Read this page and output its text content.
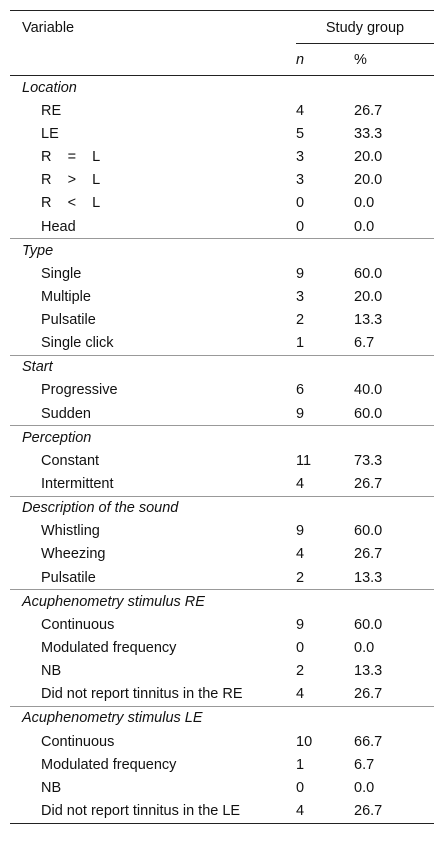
Variable	Study group	

	n	%
Location		
RE	4	26.7
LE	5	33.3
R    =    L	3	20.0
R    >    L	3	20.0
R    <    L	0	0.0
Head	0	0.0
Type		
Single	9	60.0
Multiple	3	20.0
Pulsatile	2	13.3
Single click	1	6.7
Start		
Progressive	6	40.0
Sudden	9	60.0
Perception		
Constant	11	73.3
Intermittent	4	26.7
Description of the sound		
Whistling	9	60.0
Wheezing	4	26.7
Pulsatile	2	13.3
Acuphenometry stimulus RE		
Continuous	9	60.0
Modulated frequency	0	0.0
NB	2	13.3
Did not report tinnitus in the RE	4	26.7
Acuphenometry stimulus LE		
Continuous	10	66.7
Modulated frequency	1	6.7
NB	0	0.0
Did not report tinnitus in the LE	4	26.7
